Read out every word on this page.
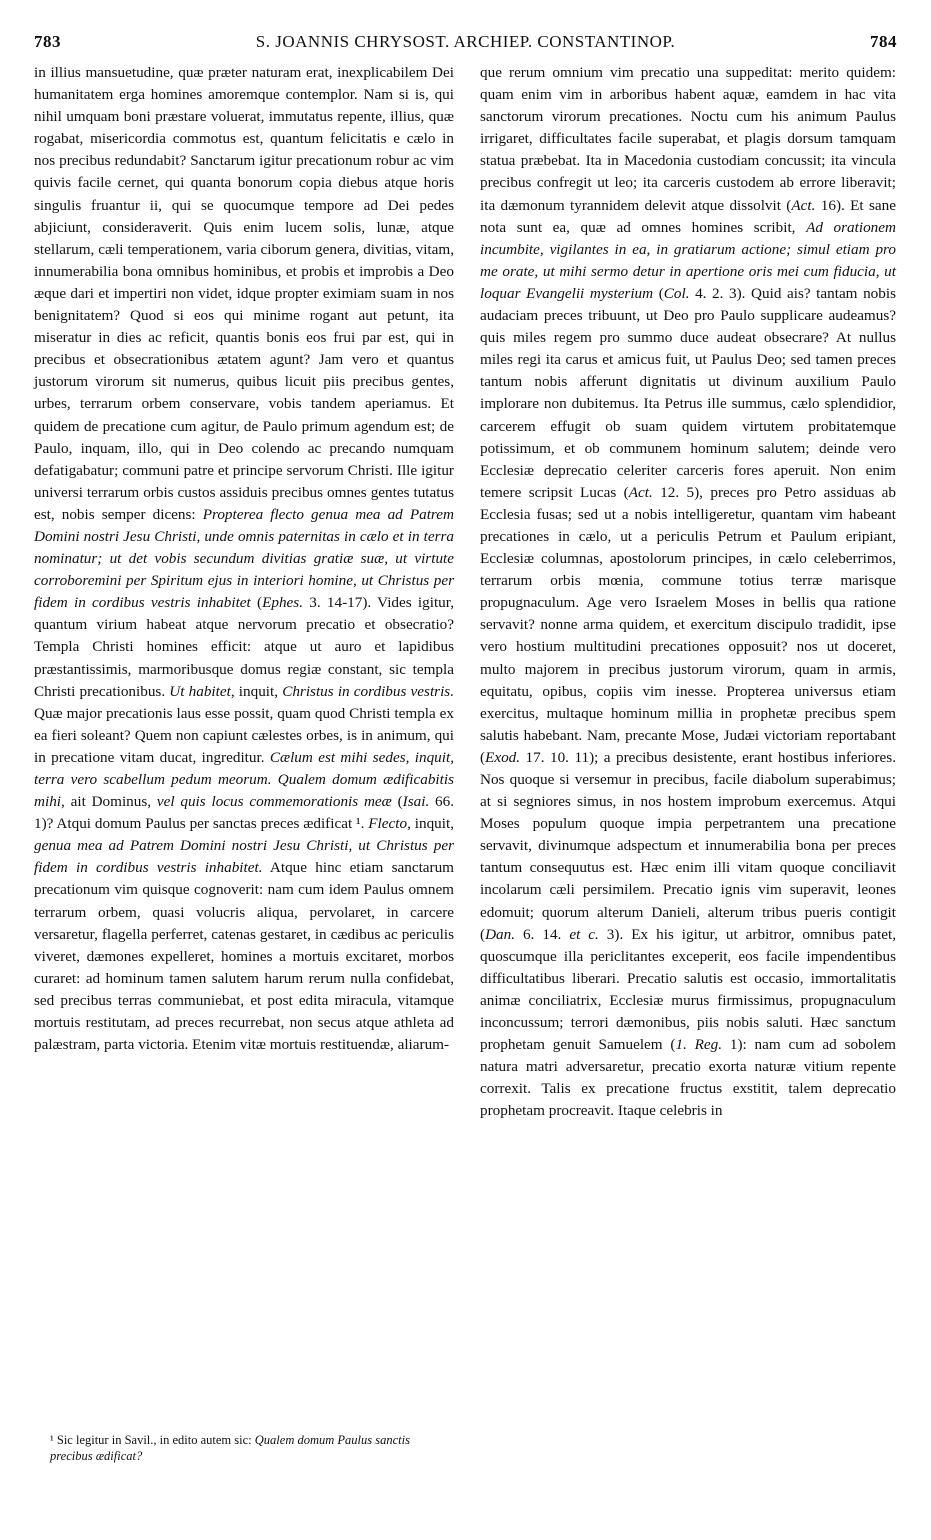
783	S. JOANNIS CHRYSOST. ARCHIEP. CONSTANTINOP.	784

in illius mansuetudine, quæ præter naturam erat, inexplicabilem Dei humanitatem erga homines amoremque contemplor. Nam si is, qui nihil umquam boni præstare voluerat, immutatus repente, illius, quæ rogabat, misericordia commotus est, quantum felicitatis e cælo in nos precibus redundabit? Sanctarum igitur precationum robur ac vim quivis facile cernet, qui quanta bonorum copia diebus atque horis singulis fruantur ii, qui se quocumque tempore ad Dei pedes abjiciunt, consideraverit. Quis enim lucem solis, lunæ, atque stellarum, cæli temperationem, varia ciborum genera, divitias, vitam, innumerabilia bona omnibus hominibus, et probis et improbis a Deo æque dari et impertiri non videt, idque propter eximiam suam in nos benignitatem? Quod si eos qui minime rogant aut petunt, ita miseratur in dies ac reficit, quantis bonis eos frui par est, qui in precibus et obsecrationibus ætatem agunt? Jam vero et quantus justorum virorum sit numerus, quibus licuit piis precibus gentes, urbes, terrarum orbem conservare, vobis tandem aperiamus. Et quidem de precatione cum agitur, de Paulo primum agendum est; de Paulo, inquam, illo, qui in Deo colendo ac precando numquam defatigabatur; communi patre et principe servorum Christi. Ille igitur universi terrarum orbis custos assiduis precibus omnes gentes tutatus est, nobis semper dicens: Propterea flecto genua mea ad Patrem Domini nostri Jesu Christi, unde omnis paternitas in cælo et in terra nominatur; ut det vobis secundum divitias gratiæ suæ, ut virtute corroboremini per Spiritum ejus in interiori homine, ut Christus per fidem in cordibus vestris inhabitet (Ephes. 3. 14-17). Vides igitur, quantum virium habeat atque nervorum precatio et obsecratio? Templa Christi homines efficit: atque ut auro et lapidibus præstantissimis, marmoribusque domus regiæ constant, sic templa Christi precationibus. Ut habitet, inquit, Christus in cordibus vestris. Quæ major precationis laus esse possit, quam quod Christi templa ex ea fieri soleant? Quem non capiunt cælestes orbes, is in animum, qui in precatione vitam ducat, ingreditur. Cælum est mihi sedes, inquit, terra vero scabellum pedum meorum. Qualem domum ædificabitis mihi, ait Dominus, vel quis locus commemorationis meæ (Isai. 66. 1)? Atqui domum Paulus per sanctas preces ædificat ¹. Flecto, inquit, genua mea ad Patrem Domini nostri Jesu Christi, ut Christus per fidem in cordibus vestris inhabitet. Atque hinc etiam sanctarum precationum vim quisque cognoverit: nam cum idem Paulus omnem terrarum orbem, quasi volucris aliqua, pervolaret, in carcere versaretur, flagella perferret, catenas gestaret, in cædibus ac periculis viveret, dæmones expelleret, homines a mortuis excitaret, morbos curaret: ad hominum tamen salutem harum rerum nulla confidebat, sed precibus terras communiebat, et post edita miracula, vitamque mortuis restitutam, ad preces recurrebat, non secus atque athleta ad palæstram, parta victoria. Etenim vitæ mortuis restituendæ, aliarum-

que rerum omnium vim precatio una suppeditat: merito quidem: quam enim vim in arboribus habent aquæ, eamdem in hac vita sanctorum virorum precationes. Noctu cum his animum Paulus irrigaret, difficultates facile superabat, et plagis dorsum tamquam statua præbebat. Ita in Macedonia custodiam concussit; ita vincula precibus confregit ut leo; ita carceris custodem ab errore liberavit; ita dæmonum tyrannidem delevit atque dissolvit (Act. 16). Et sane nota sunt ea, quæ ad omnes homines scribit, Ad orationem incumbite, vigilantes in ea, in gratiarum actione; simul etiam pro me orate, ut mihi sermo detur in apertione oris mei cum fiducia, ut loquar Evangelii mysterium (Col. 4. 2. 3). Quid ais? tantam nobis audaciam preces tribuunt, ut Deo pro Paulo supplicare audeamus? quis miles regem pro summo duce audeat obsecrare? At nullus miles regi ita carus et amicus fuit, ut Paulus Deo; sed tamen preces tantum nobis afferunt dignitatis ut divinum auxilium Paulo implorare non dubitemus. Ita Petrus ille summus, cælo splendidior, carcerem effugit ob suam quidem virtutem probitatemque potissimum, et ob communem hominum salutem; deinde vero Ecclesiæ deprecatio celeriter carceris fores aperuit. Non enim temere scripsit Lucas (Act. 12. 5), preces pro Petro assiduas ab Ecclesia fusas; sed ut a nobis intelligeretur, quantam vim habeant precationes in cælo, ut a periculis Petrum et Paulum eripiant, Ecclesiæ columnas, apostolorum principes, in cælo celeberrimos, terrarum orbis mœnia, commune totius terræ marisque propugnaculum. Age vero Israelem Moses in bellis qua ratione servavit? nonne arma quidem, et exercitum discipulo tradidit, ipse vero hostium multitudini precationes opposuit? nos ut doceret, multo majorem in precibus justorum virorum, quam in armis, equitatu, opibus, copiis vim inesse. Propterea universus etiam exercitus, multaque hominum millia in prophetæ precibus spem salutis habebant. Nam, precante Mose, Judæi victoriam reportabant (Exod. 17. 10. 11); a precibus desistente, erant hostibus inferiores. Nos quoque si versemur in precibus, facile diabolum superabimus; at si segniores simus, in nos hostem improbum exercemus. Atqui Moses populum quoque impia perpetrantem una precatione servavit, divinumque adspectum et innumerabilia bona per preces tantum consequutus est. Hæc enim illi vitam quoque conciliavit incolarum cæli persimilem. Precatio ignis vim superavit, leones edomuit; quorum alterum Danieli, alterum tribus pueris contigit (Dan. 6. 14. et c. 3). Ex his igitur, ut arbitror, omnibus patet, quoscumque illa periclitantes exceperit, eos facile impendentibus difficultatibus liberari. Precatio salutis est occasio, immortalitatis animæ conciliatrix, Ecclesiæ murus firmissimus, propugnaculum inconcussum; terrori dæmonibus, piis nobis saluti. Hæc sanctum prophetam genuit Samuelem (1. Reg. 1): nam cum ad sobolem natura matri adversaretur, precatio exorta naturæ vitium repente correxit. Talis ex precatione fructus exstitit, talem deprecatio prophetam procreavit. Itaque celebris in

¹ Sic legitur in Savil., in edito autem sic: Qualem domum Paulus sanctis precibus ædificat?
